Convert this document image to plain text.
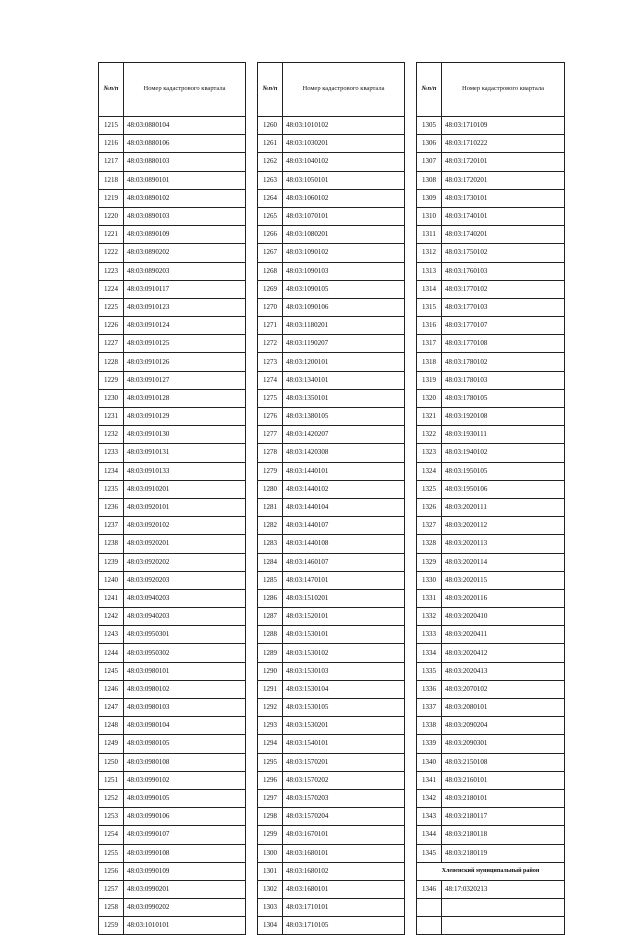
№п/п	Номер кадастрового квартала
1215	48:03:0880104
1216	48:03:0880106
1217	48:03:0880103
1218	48:03:0890101
1219	48:03:0890102
1220	48:03:0890103
1221	48:03:0890109
1222	48:03:0890202
1223	48:03:0890203
1224	48:03:0910117
1225	48:03:0910123
1226	48:03:0910124
1227	48:03:0910125
1228	48:03:0910126
1229	48:03:0910127
1230	48:03:0910128
1231	48:03:0910129
1232	48:03:0910130
1233	48:03:0910131
1234	48:03:0910133
1235	48:03:0910201
1236	48:03:0920101
1237	48:03:0920102
1238	48:03:0920201
1239	48:03:0920202
1240	48:03:0920203
1241	48:03:0940203
1242	48:03:0940203
1243	48:03:0950301
1244	48:03:0950302
1245	48:03:0980101
1246	48:03:0980102
1247	48:03:0980103
1248	48:03:0980104
1249	48:03:0980105
1250	48:03:0980108
1251	48:03:0990102
1252	48:03:0990105
1253	48:03:0990106
1254	48:03:0990107
1255	48:03:0990108
1256	48:03:0990109
1257	48:03:0990201
1258	48:03:0990202
1259	48:03:1010101
№п/п	Номер кадастрового квартала
1260	48:03:1010102
1261	48:03:1030201
1262	48:03:1040102
1263	48:03:1050101
1264	48:03:1060102
1265	48:03:1070101
1266	48:03:1080201
1267	48:03:1090102
1268	48:03:1090103
1269	48:03:1090105
1270	48:03:1090106
1271	48:03:1180201
1272	48:03:1190207
1273	48:03:1200101
1274	48:03:1340101
1275	48:03:1350101
1276	48:03:1380105
1277	48:03:1420207
1278	48:03:1420308
1279	48:03:1440101
1280	48:03:1440102
1281	48:03:1440104
1282	48:03:1440107
1283	48:03:1440108
1284	48:03:1460107
1285	48:03:1470101
1286	48:03:1510201
1287	48:03:1520101
1288	48:03:1530101
1289	48:03:1530102
1290	48:03:1530103
1291	48:03:1530104
1292	48:03:1530105
1293	48:03:1530201
1294	48:03:1540101
1295	48:03:1570201
1296	48:03:1570202
1297	48:03:1570203
1298	48:03:1570204
1299	48:03:1670101
1300	48:03:1680101
1301	48:03:1680102
1302	48:03:1680101
1303	48:03:1710101
1304	48:03:1710105
№п/п	Номер кадастрового квартала
1305	48:03:1710109
1306	48:03:1710222
1307	48:03:1720101
1308	48:03:1720201
1309	48:03:1730101
1310	48:03:1740101
1311	48:03:1740201
1312	48:03:1750102
1313	48:03:1760103
1314	48:03:1770102
1315	48:03:1770103
1316	48:03:1770107
1317	48:03:1770108
1318	48:03:1780102
1319	48:03:1780103
1320	48:03:1780105
1321	48:03:1920108
1322	48:03:1930111
1323	48:03:1940102
1324	48:03:1950105
1325	48:03:1950106
1326	48:03:2020111
1327	48:03:2020112
1328	48:03:2020113
1329	48:03:2020114
1330	48:03:2020115
1331	48:03:2020116
1332	48:03:2020410
1333	48:03:2020411
1334	48:03:2020412
1335	48:03:2020413
1336	48:03:2070102
1337	48:03:2080101
1338	48:03:2090204
1339	48:03:2090301
1340	48:03:2150108
1341	48:03:2160101
1342	48:03:2180101
1343	48:03:2180117
1344	48:03:2180118
1345	48:03:2180119
Хлевенский муниципальный район	
1346	48:17:0320213
